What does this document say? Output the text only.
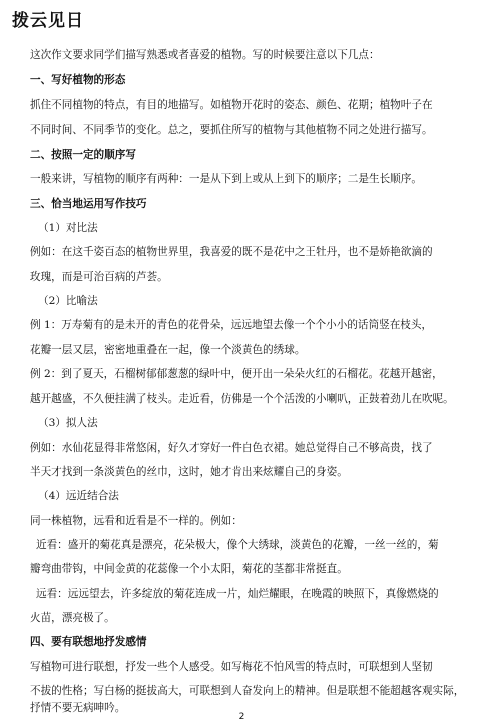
拨云见日
这次作文要求同学们描写熟悉或者喜爱的植物。写的时候要注意以下几点：
一、写好植物的形态
抓住不同植物的特点，有目的地描写。如植物开花时的姿态、颜色、花期；植物叶子在
不同时间、不同季节的变化。总之，要抓住所写的植物与其他植物不同之处进行描写。
二、按照一定的顺序写
一般来讲，写植物的顺序有两种：一是从下到上或从上到下的顺序；二是生长顺序。
三、恰当地运用写作技巧
（1）对比法
例如：在这千姿百态的植物世界里，我喜爱的既不是花中之王牡丹，也不是娇艳欲滴的
玫瑰，而是可治百病的芦荟。
（2）比喻法
例 1：万寿菊有的是未开的青色的花骨朵，远远地望去像一个个小小的话筒竖在枝头，
花瓣一层又层，密密地重叠在一起，像一个淡黄色的绣球。
例 2：到了夏天，石榴树郁郁葱葱的绿叶中，便开出一朵朵火红的石榴花。花越开越密，
越开越盛，不久便挂满了枝头。走近看，仿佛是一个个活泼的小喇叭，正鼓着劲儿在吹呢。
（3）拟人法
例如：水仙花显得非常悠闲，好久才穿好一件白色衣裙。她总觉得自己不够高贵，找了
半天才找到一条淡黄色的丝巾，这时，她才肯出来炫耀自己的身姿。
（4）远近结合法
同一株植物，远看和近看是不一样的。例如：
近看：盛开的菊花真是漂亮，花朵极大，像个大绣球，淡黄色的花瓣，一丝一丝的，菊
瓣弯曲带钩，中间金黄的花蕊像一个小太阳，菊花的茎都非常挺直。
远看：远远望去，许多绽放的菊花连成一片，灿烂耀眼，在晚霞的映照下，真像燃烧的
火苗，漂亮极了。
四、要有联想地抒发感情
写植物可进行联想，抒发一些个人感受。如写梅花不怕风雪的特点时，可联想到人坚韧
不拔的性格；写白杨的挺拔高大，可联想到人奋发向上的精神。但是联想不能超越客观实际，
抒情不要无病呻吟。
2
